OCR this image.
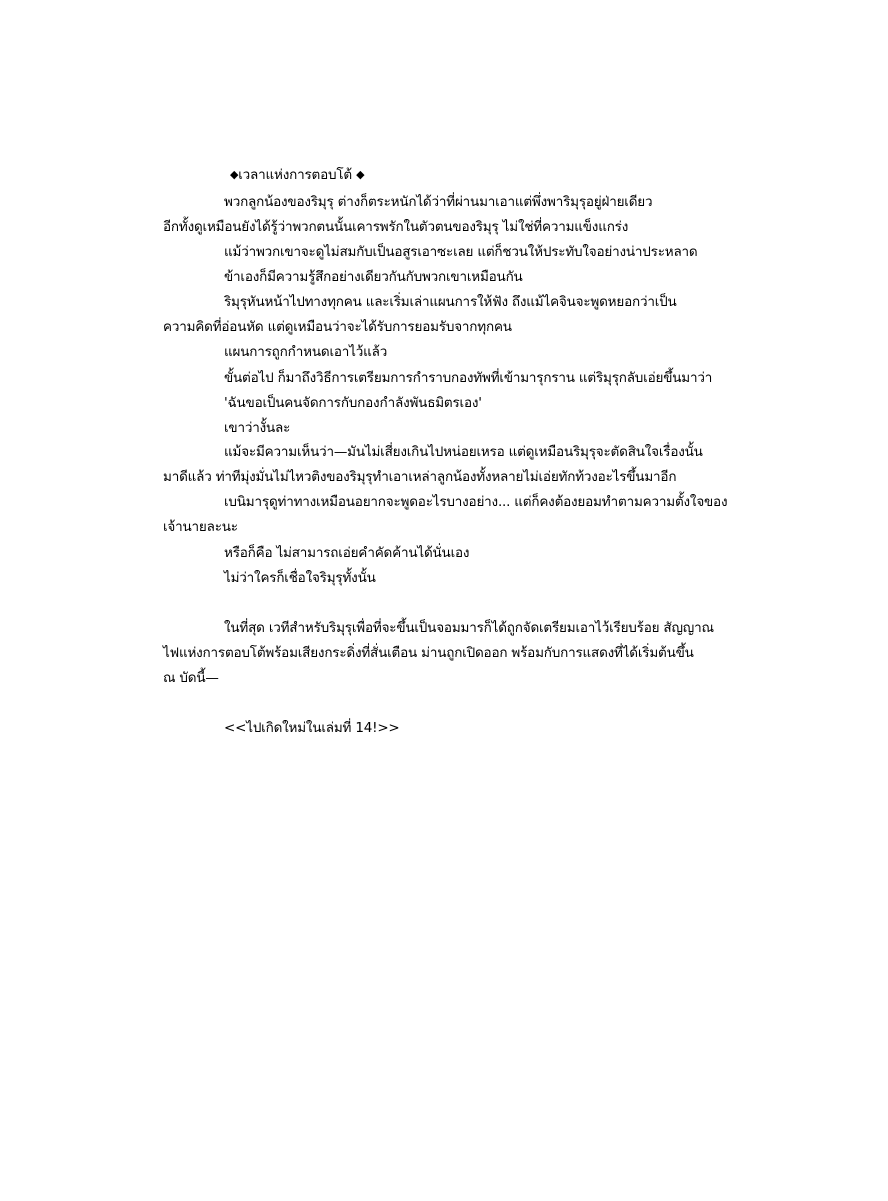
◆เวลาแห่งการตอบโต้ ◆
พวกลูกน้องของริมุรุ ต่างก็ตระหนักได้ว่าที่ผ่านมาเอาแต่พึ่งพาริมุรุอยู่ฝ่ายเดียว
อีกทั้งดูเหมือนยังได้รู้ว่าพวกตนนั้นเคารพรักในตัวตนของริมุรุ ไม่ใช่ที่ความแข็งแกร่ง
แม้ว่าพวกเขาจะดูไม่สมกับเป็นอสูรเอาซะเลย แต่ก็ชวนให้ประทับใจอย่างน่าประหลาด
ข้าเองก็มีความรู้สึกอย่างเดียวกันกับพวกเขาเหมือนกัน
ริมุรุหันหน้าไปทางทุกคน และเริ่มเล่าแผนการให้ฟัง ถึงแม้ไคจินจะพูดหยอกว่าเป็น
ความคิดที่อ่อนหัด แต่ดูเหมือนว่าจะได้รับการยอมรับจากทุกคน
แผนการถูกกำหนดเอาไว้แล้ว
ขั้นต่อไป ก็มาถึงวิธีการเตรียมการกำราบกองทัพที่เข้ามารุกราน แต่ริมุรุกลับเอ่ยขึ้นมาว่า
'ฉันขอเป็นคนจัดการกับกองกำลังพันธมิตรเอง'
เขาว่างั้นละ
แม้จะมีความเห็นว่า—มันไม่เสี่ยงเกินไปหน่อยเหรอ แต่ดูเหมือนริมุรุจะตัดสินใจเรื่องนั้น
มาดีแล้ว ท่าทีมุ่งมั่นไม่ไหวติงของริมุรุทำเอาเหล่าลูกน้องทั้งหลายไม่เอ่ยทักท้วงอะไรขึ้นมาอีก
เบนิมารุดูท่าทางเหมือนอยากจะพูดอะไรบางอย่าง... แต่ก็คงต้องยอมทำตามความตั้งใจของ
เจ้านายละนะ
หรือก็คือ ไม่สามารถเอ่ยคำคัดค้านได้นั่นเอง
ไม่ว่าใครก็เชื่อใจริมุรุทั้งนั้น
ในที่สุด เวทีสำหรับริมุรุเพื่อที่จะขึ้นเป็นจอมมารก็ได้ถูกจัดเตรียมเอาไว้เรียบร้อย สัญญาณ
ไฟแห่งการตอบโต้พร้อมเสียงกระดิ่งที่สั่นเตือน ม่านถูกเปิดออก พร้อมกับการแสดงที่ได้เริ่มต้นขึ้น
ณ บัดนี้—
<<ไปเกิดใหม่ในเล่มที่ 14!>>
